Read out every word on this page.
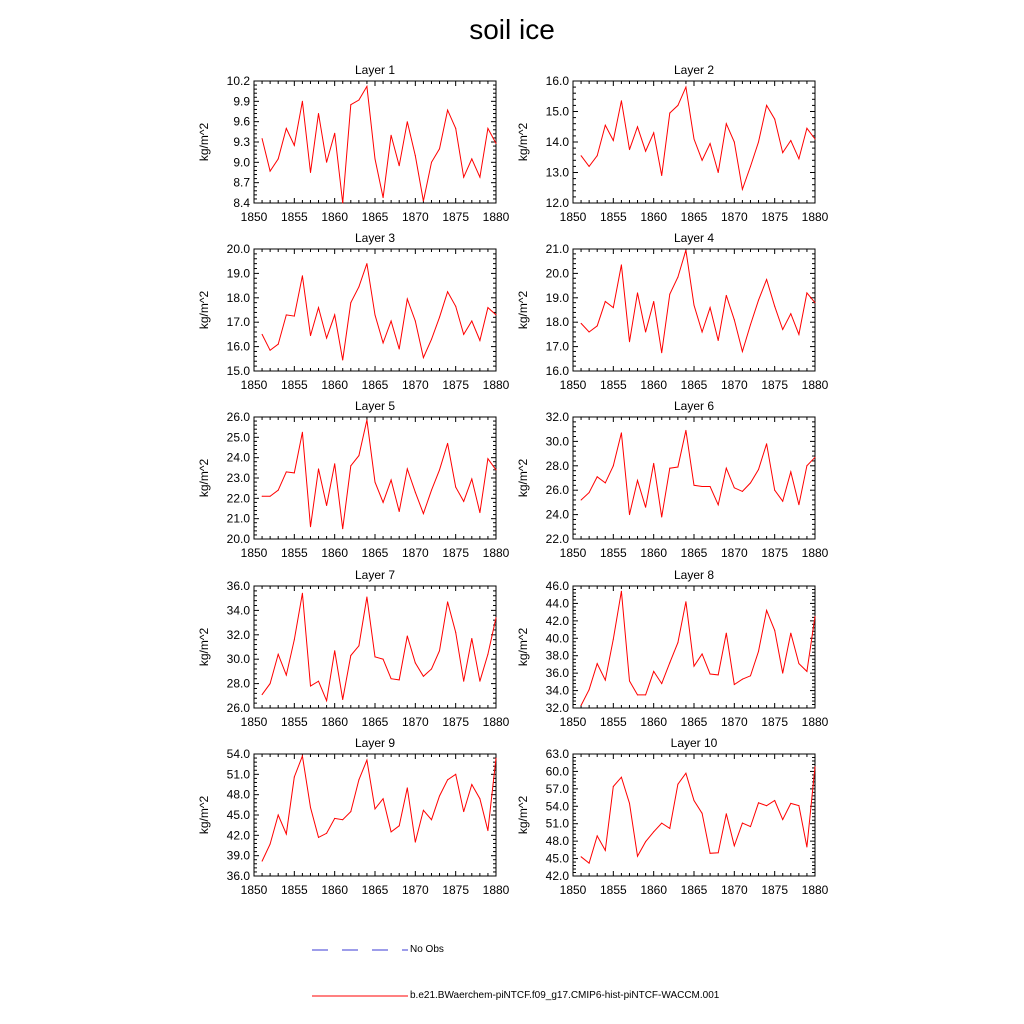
soil ice
Layer 1
kg/m^2
1850 1855 1860 1865 1870 1875 1880
8.4
8.7
9.0
9.3
9.6
9.9
10.2
Layer 2
kg/m^2
1850 1855 1860 1865 1870 1875 1880
12.0
13.0
14.0
15.0
16.0
Layer 3
kg/m^2
1850 1855 1860 1865 1870 1875 1880
15.0
16.0
17.0
18.0
19.0
20.0
Layer 4
kg/m^2
1850 1855 1860 1865 1870 1875 1880
16.0
17.0
18.0
19.0
20.0
21.0
Layer 5
kg/m^2
1850 1855 1860 1865 1870 1875 1880
20.0
21.0
22.0
23.0
24.0
25.0
26.0
Layer 6
kg/m^2
1850 1855 1860 1865 1870 1875 1880
22.0
24.0
26.0
28.0
30.0
32.0
Layer 7
kg/m^2
1850 1855 1860 1865 1870 1875 1880
26.0
28.0
30.0
32.0
34.0
36.0
Layer 8
kg/m^2
1850 1855 1860 1865 1870 1875 1880
32.0
34.0
36.0
38.0
40.0
42.0
44.0
46.0
Layer 9
kg/m^2
1850 1855 1860 1865 1870 1875 1880
36.0
39.0
42.0
45.0
48.0
51.0
54.0
Layer 10
kg/m^2
1850 1855 1860 1865 1870 1875 1880
42.0
45.0
48.0
51.0
54.0
57.0
60.0
63.0
No Obs
b.e21.BWaerchem-piNTCF.f09_g17.CMIP6-hist-piNTCF-WACCM.001
